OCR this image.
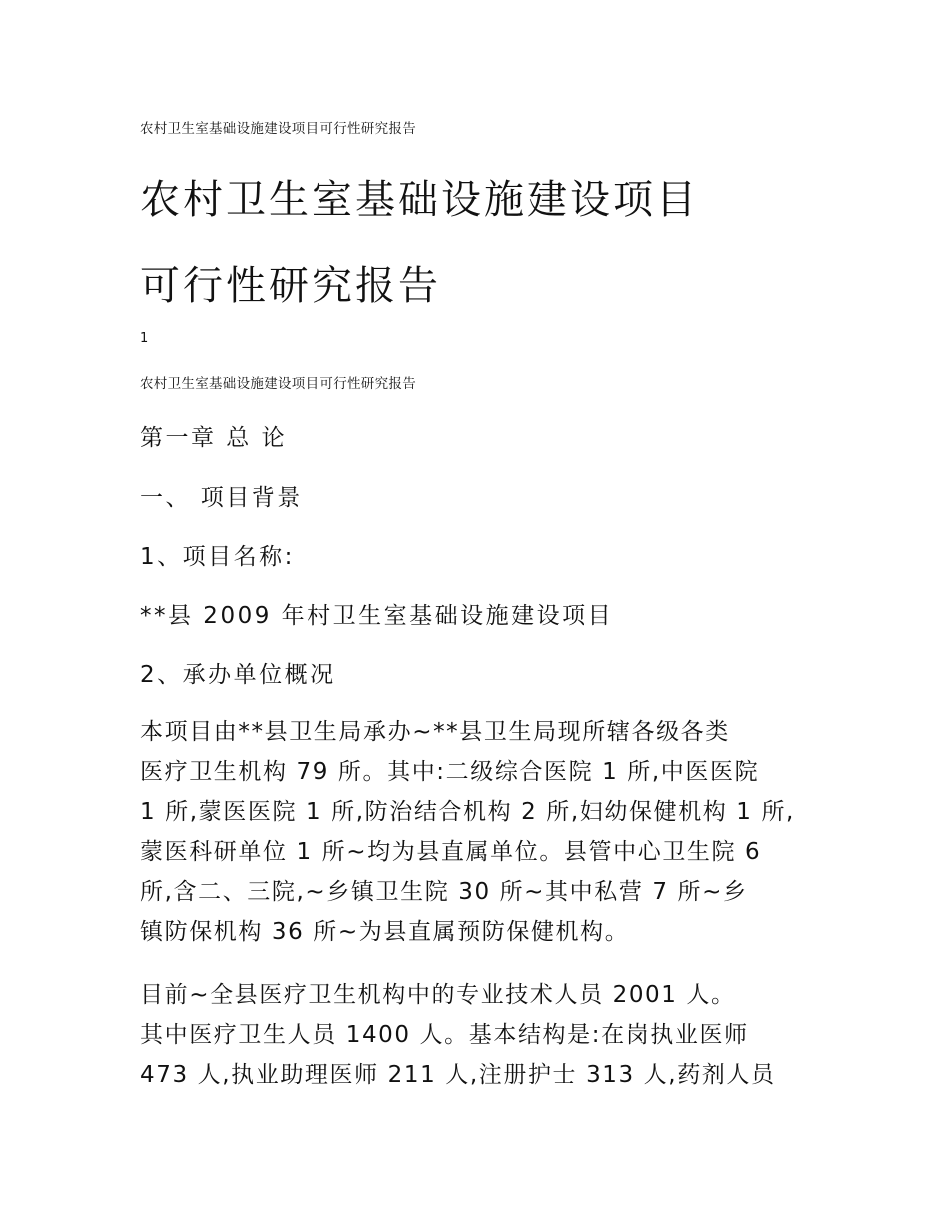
农村卫生室基础设施建设项目可行性研究报告

农村卫生室基础设施建设项目
可行性研究报告

1

农村卫生室基础设施建设项目可行性研究报告

第一章 总 论
一、 项目背景
1、项目名称:

**县 2009 年村卫生室基础设施建设项目

2、承办单位概况
本项目由**县卫生局承办~**县卫生局现所辖各级各类
医疗卫生机构 79 所。其中:二级综合医院 1 所,中医医院
1 所,蒙医医院 1 所,防治结合机构 2 所,妇幼保健机构 1 所,
蒙医科研单位 1 所~均为县直属单位。县管中心卫生院 6
所,含二、三院,~乡镇卫生院 30 所~其中私营 7 所~乡
镇防保机构 36 所~为县直属预防保健机构。
目前~全县医疗卫生机构中的专业技术人员 2001 人。
其中医疗卫生人员 1400 人。基本结构是:在岗执业医师
473 人,执业助理医师 211 人,注册护士 313 人,药剂人员
